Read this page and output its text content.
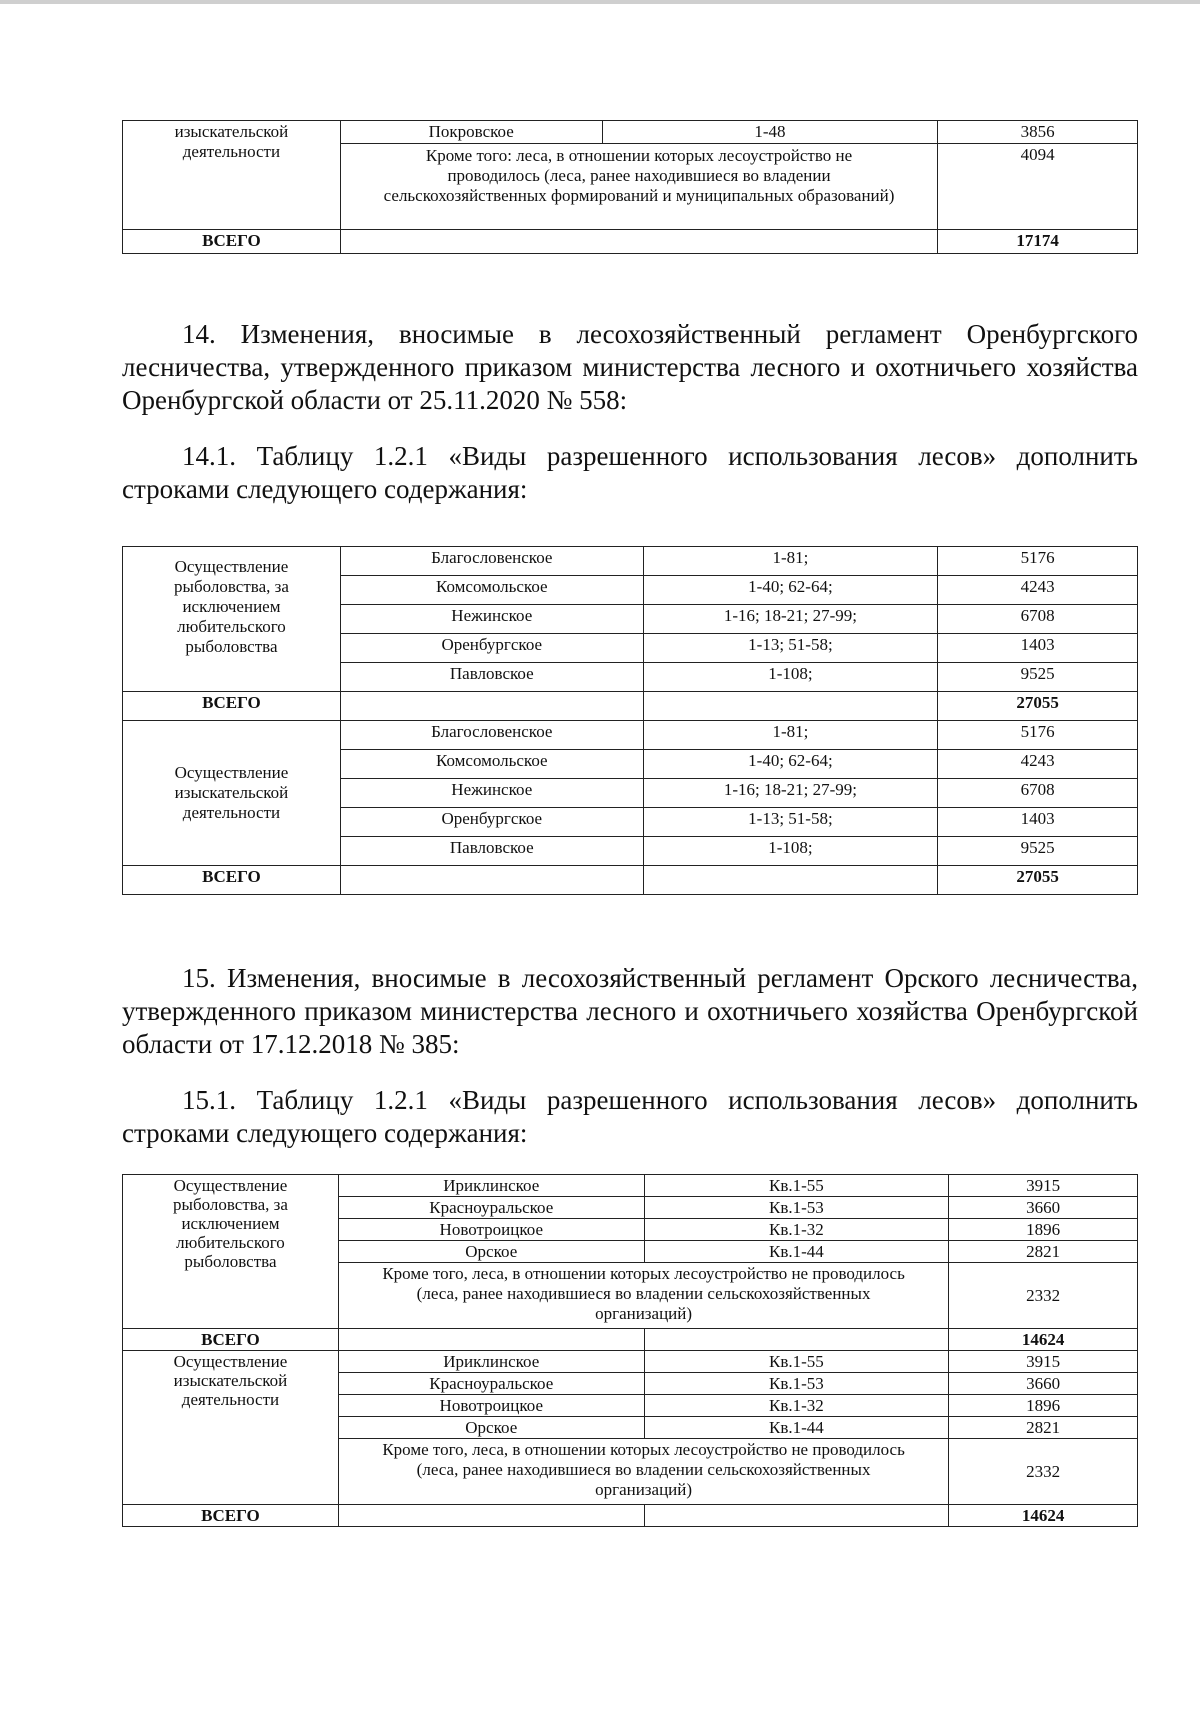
изыскательской деятельности	Покровское	1-48	3856
	Кроме того: леса, в отношении которых лесоустройство не проводилось (леса, ранее находившиеся во владении сельскохозяйственных формирований и муниципальных образований)		4094
ВСЕГО			17174
14. Изменения, вносимые в лесохозяйственный регламент Оренбургского лесничества, утвержденного приказом министерства лесного и охотничьего хозяйства Оренбургской области от 25.11.2020 № 558:
14.1. Таблицу 1.2.1 «Виды разрешенного использования лесов» дополнить строками следующего содержания:
Осуществление рыболовства, за исключением любительского рыболовства	Благословенское	1-81;	5176
	Комсомольское	1-40; 62-64;	4243
	Нежинское	1-16; 18-21; 27-99;	6708
	Оренбургское	1-13; 51-58;	1403
	Павловское	1-108;	9525
ВСЕГО			27055
Осуществление изыскательской деятельности	Благословенское	1-81;	5176
	Комсомольское	1-40; 62-64;	4243
	Нежинское	1-16; 18-21; 27-99;	6708
	Оренбургское	1-13; 51-58;	1403
	Павловское	1-108;	9525
ВСЕГО			27055
15. Изменения, вносимые в лесохозяйственный регламент Орского лесничества, утвержденного приказом министерства лесного и охотничьего хозяйства Оренбургской области от 17.12.2018 № 385:
15.1. Таблицу 1.2.1 «Виды разрешенного использования лесов» дополнить строками следующего содержания:
Осуществление рыболовства, за исключением любительского рыболовства	Ириклинское	Кв.1-55	3915
	Красноуральское	Кв.1-53	3660
	Новотроицкое	Кв.1-32	1896
	Орское	Кв.1-44	2821
	Кроме того, леса, в отношении которых лесоустройство не проводилось (леса, ранее находившиеся во владении сельскохозяйственных организаций)		2332

ВСЕГО			14624
Осуществление изыскательской деятельности	Ириклинское	Кв.1-55	3915
	Красноуральское	Кв.1-53	3660
	Новотроицкое	Кв.1-32	1896
	Орское	Кв.1-44	2821
	Кроме того, леса, в отношении которых лесоустройство не проводилось (леса, ранее находившиеся во владении сельскохозяйственных организаций)		2332

ВСЕГО			14624
